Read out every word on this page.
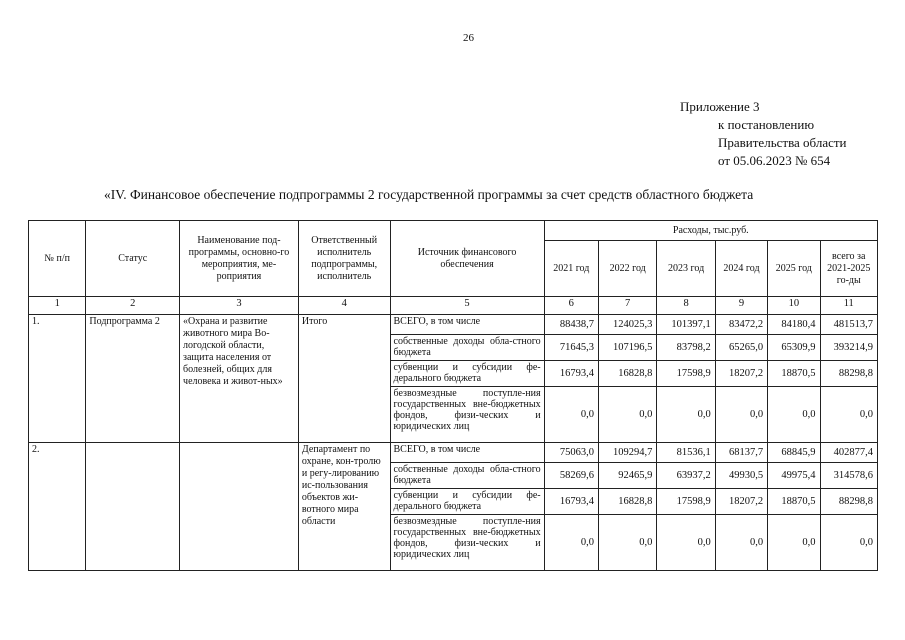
26
Приложение 3
к постановлению
Правительства области
от 05.06.2023 № 654
«IV. Финансовое обеспечение подпрограммы 2 государственной программы за счет средств областного бюджета
№ п/п	Статус	Наименование под-программы, основно-го мероприятия, ме-роприятия	Ответственный исполнитель подпрограммы, исполнитель	Источник финансового обеспечения	Расходы, тыс.руб.					
					2021 год	2022 год	2023 год	2024 год	2025 год	всего за 2021-2025 го-ды
1	2	3	4	5	6	7	8	9	10	11
1.	Подпрограмма 2	«Охрана и развитие животного мира Во-логодской области, защита населения от болезней, общих для человека и живот-ных»	Итого	ВСЕГО, в том числе	88438,7	124025,3	101397,1	83472,2	84180,4	481513,7
				собственные доходы обла-стного бюджета	71645,3	107196,5	83798,2	65265,0	65309,9	393214,9
				субвенции и субсидии фе-дерального бюджета	16793,4	16828,8	17598,9	18207,2	18870,5	88298,8
				безвозмездные поступле-ния государственных вне-бюджетных фондов, физи-ческих и юридических лиц	0,0	0,0	0,0	0,0	0,0	0,0
2.			Департамент по охране, кон-тролю и регу-лированию ис-пользования объектов жи-вотного мира области	ВСЕГО, в том числе	75063,0	109294,7	81536,1	68137,7	68845,9	402877,4
				собственные доходы обла-стного бюджета	58269,6	92465,9	63937,2	49930,5	49975,4	314578,6
				субвенции и субсидии фе-дерального бюджета	16793,4	16828,8	17598,9	18207,2	18870,5	88298,8
				безвозмездные поступле-ния государственных вне-бюджетных фондов, физи-ческих и юридических лиц	0,0	0,0	0,0	0,0	0,0	0,0
